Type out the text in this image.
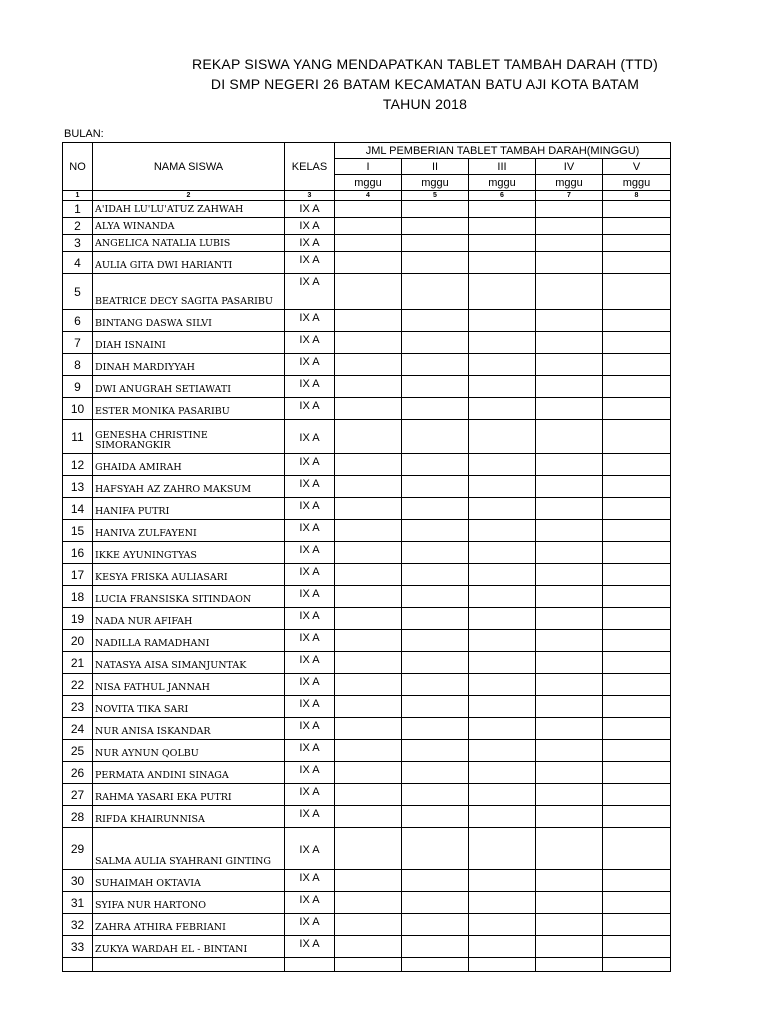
REKAP SISWA YANG MENDAPATKAN TABLET TAMBAH DARAH (TTD)
DI SMP NEGERI 26 BATAM KECAMATAN BATU AJI KOTA BATAM
TAHUN 2018
BULAN:
NO	NAMA SISWA	KELAS	JML PEMBERIAN TABLET TAMBAH DARAH(MINGGU)				
			I	II	III	IV	V
			mggu	mggu	mggu	mggu	mggu
1	2	3	4	5	6	7	8
1	A'IDAH LU'LU'ATUZ ZAHWAH	IX A					
2	ALYA WINANDA	IX A					
3	ANGELICA NATALIA LUBIS	IX A					
4	AULIA GITA DWI HARIANTI	IX A					
5	BEATRICE DECY SAGITA PASARIBU	IX A					
6	BINTANG DASWA SILVI	IX A					
7	DIAH ISNAINI	IX A					
8	DINAH MARDIYYAH	IX A					
9	DWI ANUGRAH SETIAWATI	IX A					
10	ESTER MONIKA PASARIBU	IX A					
11	GENESHA CHRISTINE SIMORANGKIR	IX A					
12	GHAIDA AMIRAH	IX A					
13	HAFSYAH AZ ZAHRO MAKSUM	IX A					
14	HANIFA PUTRI	IX A					
15	HANIVA ZULFAYENI	IX A					
16	IKKE AYUNINGTYAS	IX A					
17	KESYA FRISKA AULIASARI	IX A					
18	LUCIA FRANSISKA SITINDAON	IX A					
19	NADA NUR AFIFAH	IX A					
20	NADILLA RAMADHANI	IX A					
21	NATASYA AISA SIMANJUNTAK	IX A					
22	NISA FATHUL JANNAH	IX A					
23	NOVITA TIKA SARI	IX A					
24	NUR ANISA ISKANDAR	IX A					
25	NUR AYNUN QOLBU	IX A					
26	PERMATA ANDINI SINAGA	IX A					
27	RAHMA YASARI EKA PUTRI	IX A					
28	RIFDA KHAIRUNNISA	IX A					
29	SALMA AULIA SYAHRANI GINTING	IX A					
30	SUHAIMAH OKTAVIA	IX A					
31	SYIFA NUR HARTONO	IX A					
32	ZAHRA ATHIRA FEBRIANI	IX A					
33	ZUKYA WARDAH EL - BINTANI	IX A					
